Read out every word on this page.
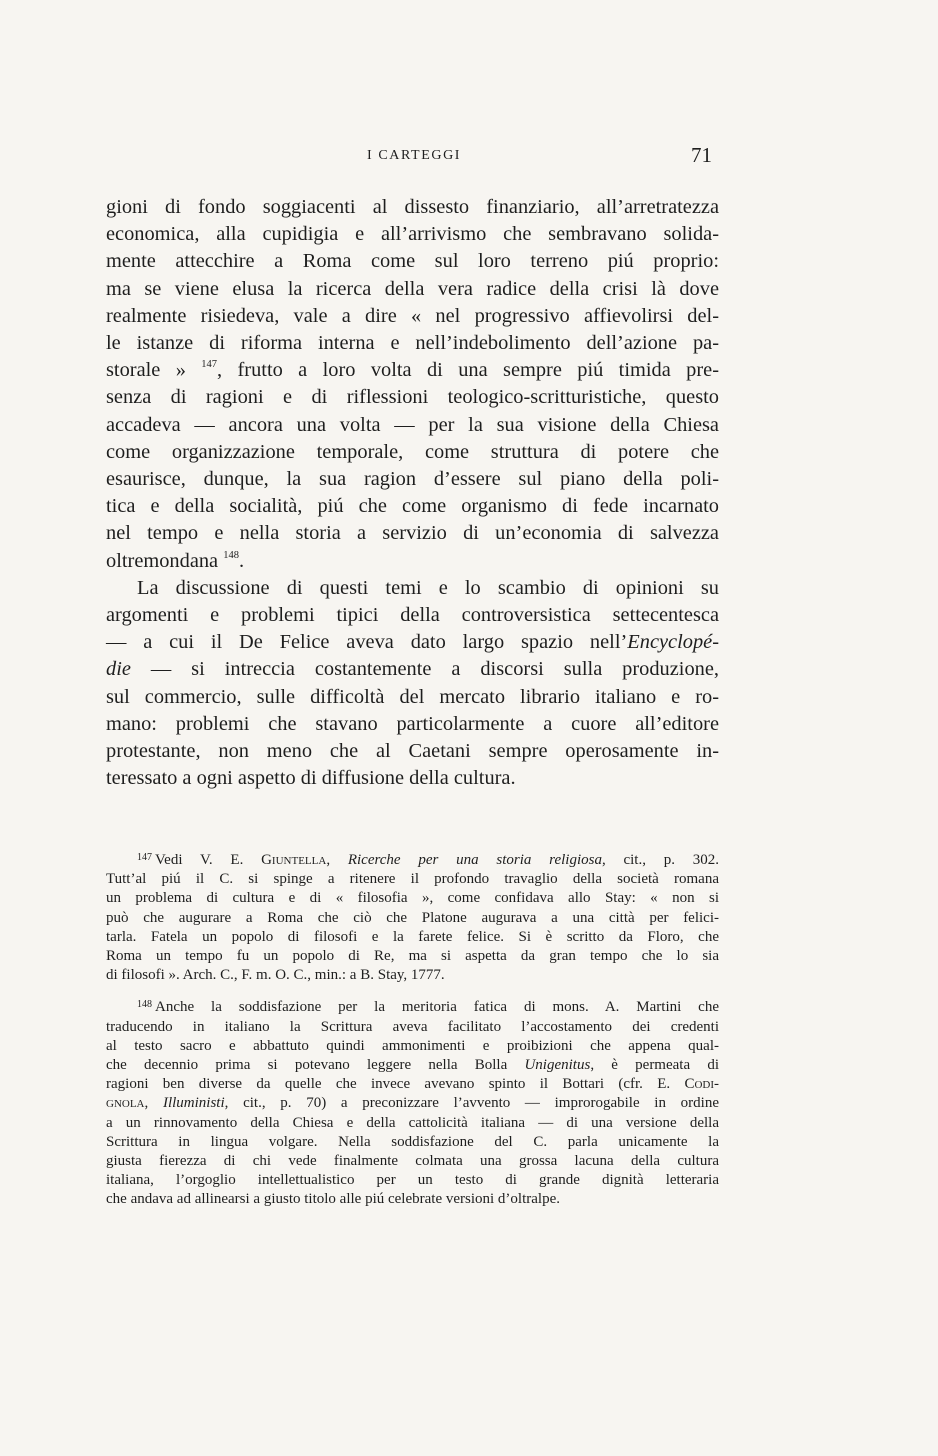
I CARTEGGI	71
gioni di fondo soggiacenti al dissesto finanziario, all’arretratezza
economica, alla cupidigia e all’arrivismo che sembravano solida-
mente attecchire a Roma come sul loro terreno piú proprio:
ma se viene elusa la ricerca della vera radice della crisi là dove
realmente risiedeva, vale a dire « nel progressivo affievolirsi del-
le istanze di riforma interna e nell’indebolimento dell’azione pa-
storale » $^{147}$, frutto a loro volta di una sempre piú timida pre-
senza di ragioni e di riflessioni teologico-scritturistiche, questo
accadeva — ancora una volta — per la sua visione della Chiesa
come organizzazione temporale, come struttura di potere che
esaurisce, dunque, la sua ragion d’essere sul piano della poli-
tica e della socialità, piú che come organismo di fede incarnato
nel tempo e nella storia a servizio di un’economia di salvezza
oltremondana $^{148}$.
La discussione di questi temi e lo scambio di opinioni su
argomenti e problemi tipici della controversistica settecentesca
— a cui il De Felice aveva dato largo spazio nell’Encyclopé-
die — si intreccia costantemente a discorsi sulla produzione,
sul commercio, sulle difficoltà del mercato librario italiano e ro-
mano: problemi che stavano particolarmente a cuore all’editore
protestante, non meno che al Caetani sempre operosamente in-
teressato a ogni aspetto di diffusione della cultura.
$^{147}$ Vedi V. E. Giuntella, Ricerche per una storia religiosa, cit., p. 302.
Tutt’al piú il C. si spinge a ritenere il profondo travaglio della società romana
un problema di cultura e di « filosofia », come confidava allo Stay: « non si
può che augurare a Roma che ciò che Platone augurava a una città per felici-
tarla. Fatela un popolo di filosofi e la farete felice. Si è scritto da Floro, che
Roma un tempo fu un popolo di Re, ma si aspetta da gran tempo che lo sia
di filosofi ». Arch. C., F. m. O. C., min.: a B. Stay, 1777.
$^{148}$ Anche la soddisfazione per la meritoria fatica di mons. A. Martini che
traducendo in italiano la Scrittura aveva facilitato l’accostamento dei credenti
al testo sacro e abbattuto quindi ammonimenti e proibizioni che appena qual-
che decennio prima si potevano leggere nella Bolla Unigenitus, è permeata di
ragioni ben diverse da quelle che invece avevano spinto il Bottari (cfr. E. Codi-
gnola, Illuministi, cit., p. 70) a preconizzare l’avvento — improrogabile in ordine
a un rinnovamento della Chiesa e della cattolicità italiana — di una versione della
Scrittura in lingua volgare. Nella soddisfazione del C. parla unicamente la
giusta fierezza di chi vede finalmente colmata una grossa lacuna della cultura
italiana, l’orgoglio intellettualistico per un testo di grande dignità letteraria
che andava ad allinearsi a giusto titolo alle piú celebrate versioni d’oltralpe.
